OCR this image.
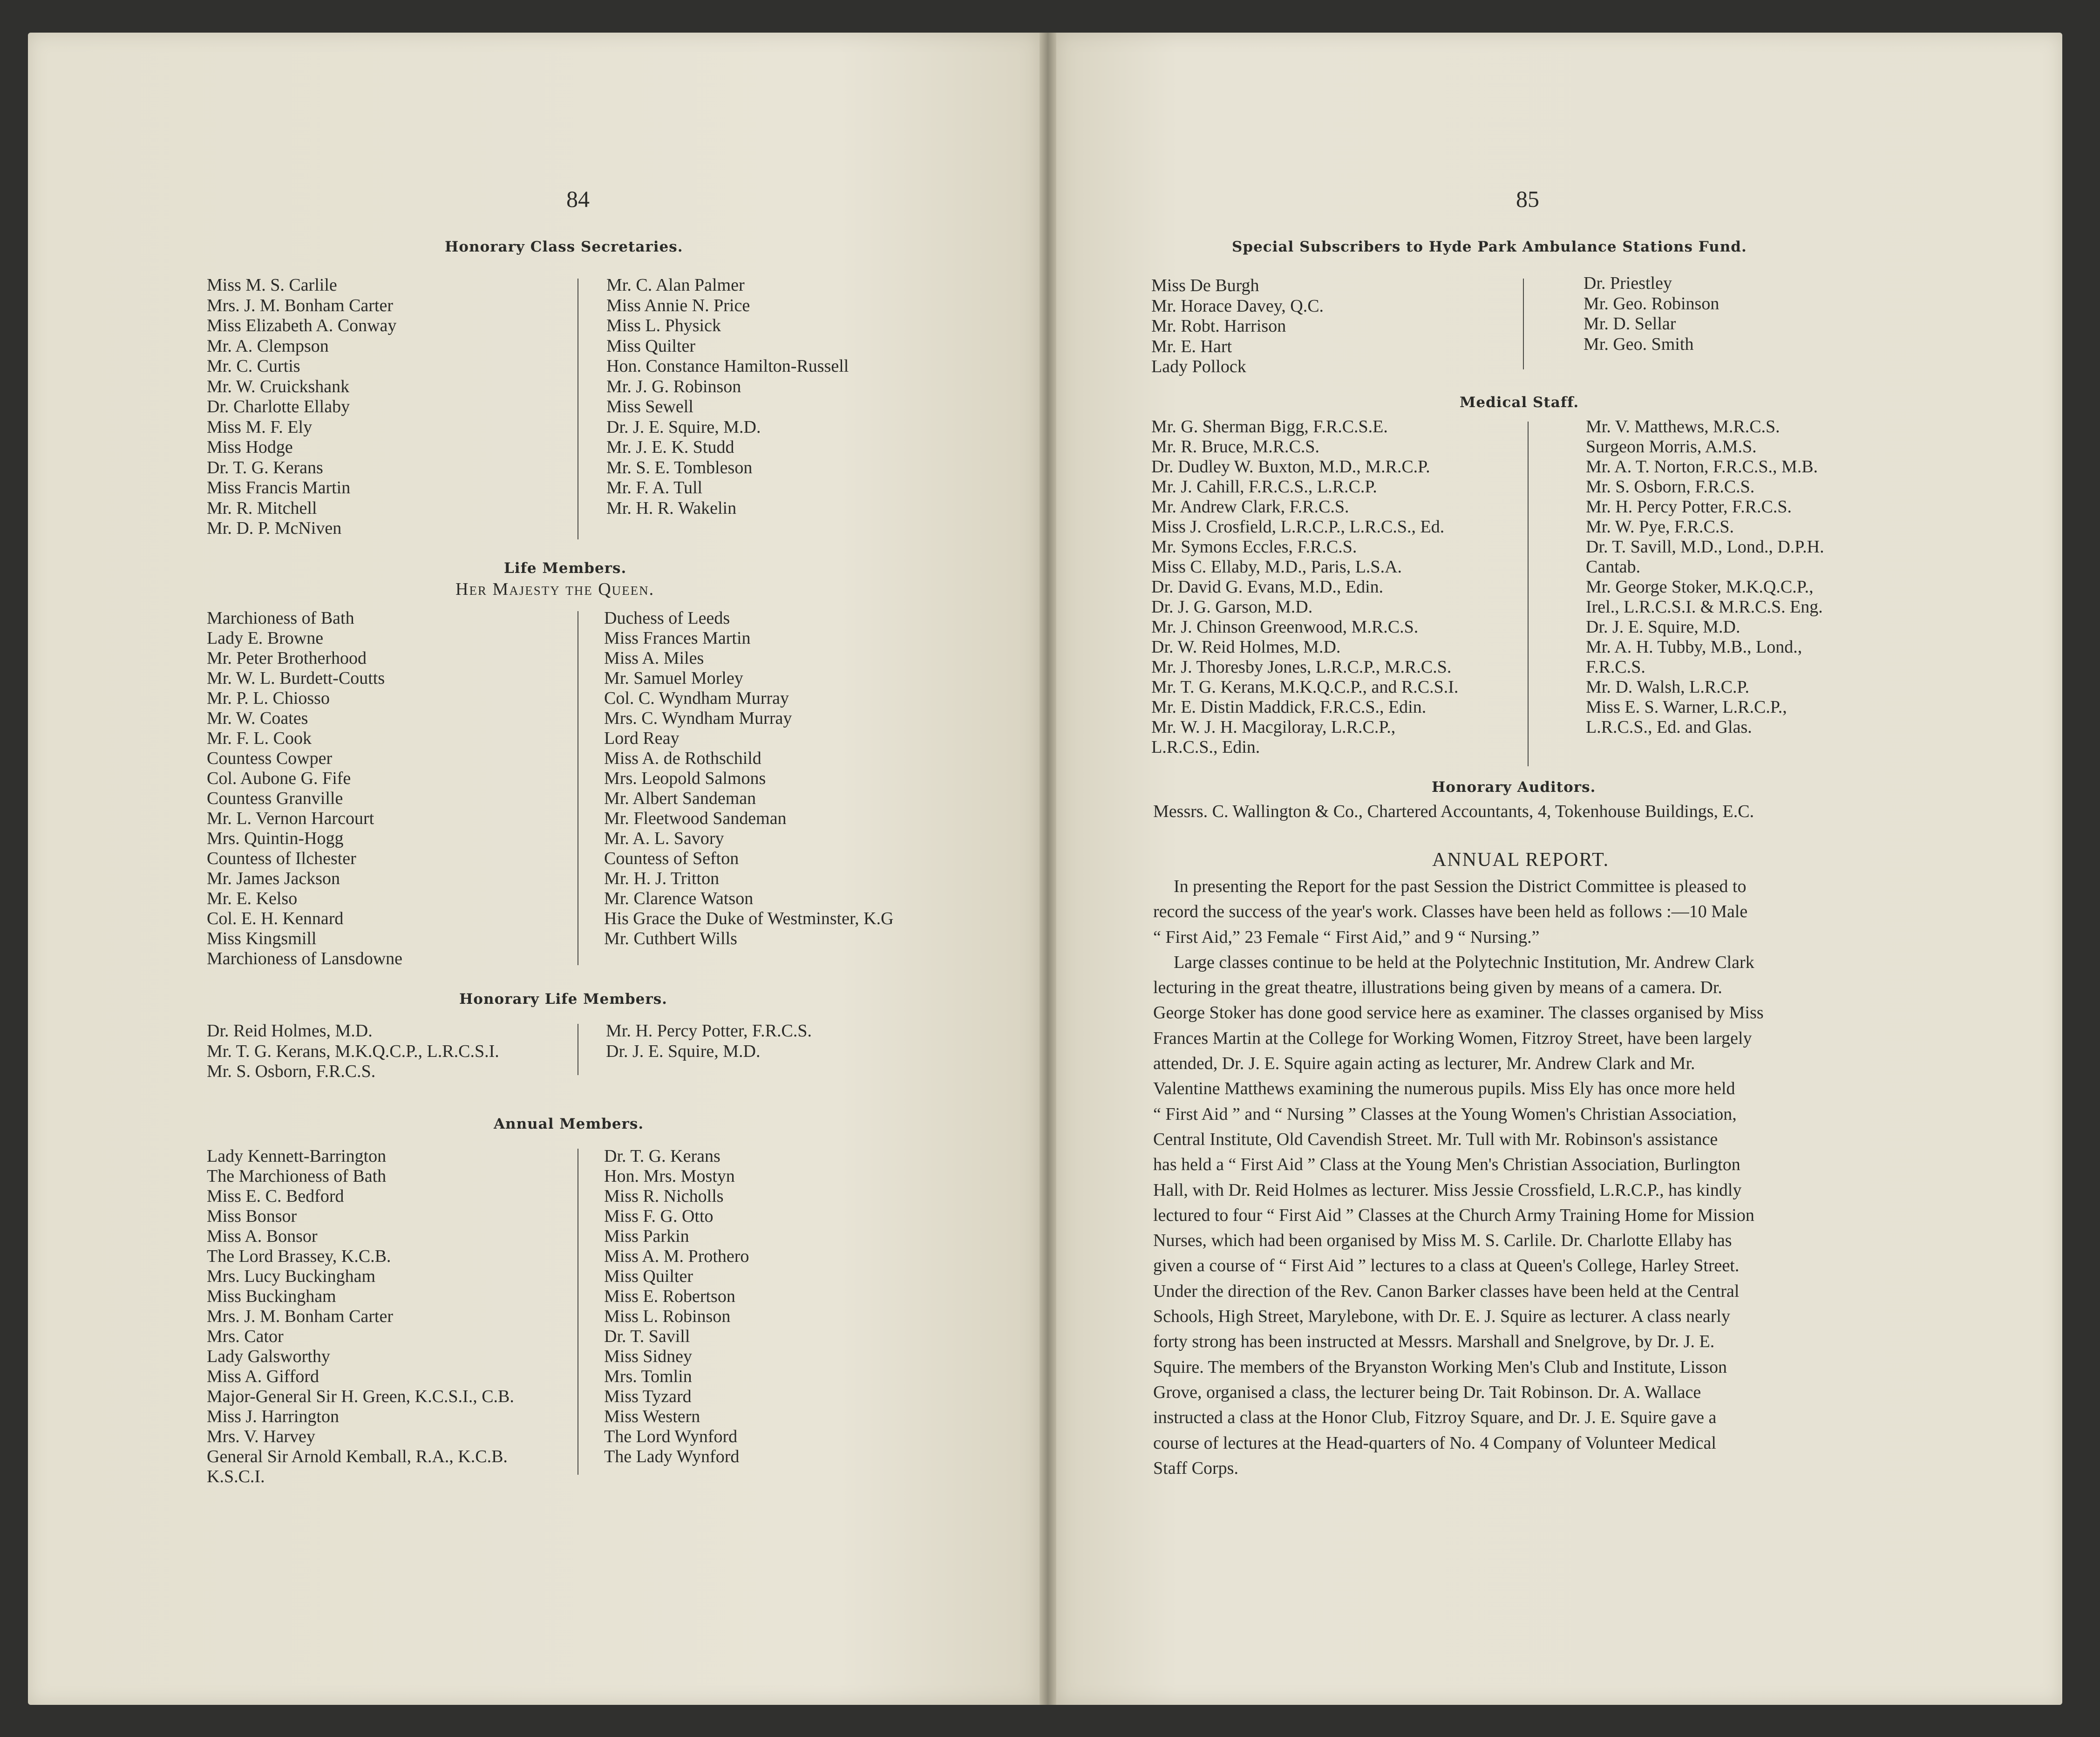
84
Honorary Class Secretaries.
Miss M. S. Carlile
Mrs. J. M. Bonham Carter
Miss Elizabeth A. Conway
Mr. A. Clempson
Mr. C. Curtis
Mr. W. Cruickshank
Dr. Charlotte Ellaby
Miss M. F. Ely
Miss Hodge
Dr. T. G. Kerans
Miss Francis Martin
Mr. R. Mitchell
Mr. D. P. McNiven
Mr. C. Alan Palmer
Miss Annie N. Price
Miss L. Physick
Miss Quilter
Hon. Constance Hamilton-Russell
Mr. J. G. Robinson
Miss Sewell
Dr. J. E. Squire, M.D.
Mr. J. E. K. Studd
Mr. S. E. Tombleson
Mr. F. A. Tull
Mr. H. R. Wakelin
Life Members.
Her Majesty the Queen.
Marchioness of Bath
Lady E. Browne
Mr. Peter Brotherhood
Mr. W. L. Burdett-Coutts
Mr. P. L. Chiosso
Mr. W. Coates
Mr. F. L. Cook
Countess Cowper
Col. Aubone G. Fife
Countess Granville
Mr. L. Vernon Harcourt
Mrs. Quintin-Hogg
Countess of Ilchester
Mr. James Jackson
Mr. E. Kelso
Col. E. H. Kennard
Miss Kingsmill
Marchioness of Lansdowne
Duchess of Leeds
Miss Frances Martin
Miss A. Miles
Mr. Samuel Morley
Col. C. Wyndham Murray
Mrs. C. Wyndham Murray
Lord Reay
Miss A. de Rothschild
Mrs. Leopold Salmons
Mr. Albert Sandeman
Mr. Fleetwood Sandeman
Mr. A. L. Savory
Countess of Sefton
Mr. H. J. Tritton
Mr. Clarence Watson
His Grace the Duke of Westminster, K.G
Mr. Cuthbert Wills
Honorary Life Members.
Dr. Reid Holmes, M.D.
Mr. T. G. Kerans, M.K.Q.C.P., L.R.C.S.I.
Mr. S. Osborn, F.R.C.S.
Mr. H. Percy Potter, F.R.C.S.
Dr. J. E. Squire, M.D.
Annual Members.
Lady Kennett-Barrington
The Marchioness of Bath
Miss E. C. Bedford
Miss Bonsor
Miss A. Bonsor
The Lord Brassey, K.C.B.
Mrs. Lucy Buckingham
Miss Buckingham
Mrs. J. M. Bonham Carter
Mrs. Cator
Lady Galsworthy
Miss A. Gifford
Major-General Sir H. Green, K.C.S.I., C.B.
Miss J. Harrington
Mrs. V. Harvey
General Sir Arnold Kemball, R.A., K.C.B.
K.S.C.I.
Dr. T. G. Kerans
Hon. Mrs. Mostyn
Miss R. Nicholls
Miss F. G. Otto
Miss Parkin
Miss A. M. Prothero
Miss Quilter
Miss E. Robertson
Miss L. Robinson
Dr. T. Savill
Miss Sidney
Mrs. Tomlin
Miss Tyzard
Miss Western
The Lord Wynford
The Lady Wynford
85
Special Subscribers to Hyde Park Ambulance Stations Fund.
Miss De Burgh
Mr. Horace Davey, Q.C.
Mr. Robt. Harrison
Mr. E. Hart
Lady Pollock
Dr. Priestley
Mr. Geo. Robinson
Mr. D. Sellar
Mr. Geo. Smith
Medical Staff.
Mr. G. Sherman Bigg, F.R.C.S.E.
Mr. R. Bruce, M.R.C.S.
Dr. Dudley W. Buxton, M.D., M.R.C.P.
Mr. J. Cahill, F.R.C.S., L.R.C.P.
Mr. Andrew Clark, F.R.C.S.
Miss J. Crosfield, L.R.C.P., L.R.C.S., Ed.
Mr. Symons Eccles, F.R.C.S.
Miss C. Ellaby, M.D., Paris, L.S.A.
Dr. David G. Evans, M.D., Edin.
Dr. J. G. Garson, M.D.
Mr. J. Chinson Greenwood, M.R.C.S.
Dr. W. Reid Holmes, M.D.
Mr. J. Thoresby Jones, L.R.C.P., M.R.C.S.
Mr. T. G. Kerans, M.K.Q.C.P., and R.C.S.I.
Mr. E. Distin Maddick, F.R.C.S., Edin.
Mr. W. J. H. Macgiloray, L.R.C.P.,
L.R.C.S., Edin.
Mr. V. Matthews, M.R.C.S.
Surgeon Morris, A.M.S.
Mr. A. T. Norton, F.R.C.S., M.B.
Mr. S. Osborn, F.R.C.S.
Mr. H. Percy Potter, F.R.C.S.
Mr. W. Pye, F.R.C.S.
Dr. T. Savill, M.D., Lond., D.P.H.
Cantab.
Mr. George Stoker, M.K.Q.C.P.,
Irel., L.R.C.S.I. & M.R.C.S. Eng.
Dr. J. E. Squire, M.D.
Mr. A. H. Tubby, M.B., Lond.,
F.R.C.S.
Mr. D. Walsh, L.R.C.P.
Miss E. S. Warner, L.R.C.P.,
L.R.C.S., Ed. and Glas.
Honorary Auditors.
Messrs. C. Wallington & Co., Chartered Accountants, 4, Tokenhouse Buildings, E.C.
ANNUAL REPORT.
In presenting the Report for the past Session the District Committee is pleased to
record the success of the year's work. Classes have been held as follows :—10 Male
“ First Aid,” 23 Female “ First Aid,” and 9 “ Nursing.”
Large classes continue to be held at the Polytechnic Institution, Mr. Andrew Clark
lecturing in the great theatre, illustrations being given by means of a camera. Dr.
George Stoker has done good service here as examiner. The classes organised by Miss
Frances Martin at the College for Working Women, Fitzroy Street, have been largely
attended, Dr. J. E. Squire again acting as lecturer, Mr. Andrew Clark and Mr.
Valentine Matthews examining the numerous pupils. Miss Ely has once more held
“ First Aid ” and “ Nursing ” Classes at the Young Women's Christian Association,
Central Institute, Old Cavendish Street. Mr. Tull with Mr. Robinson's assistance
has held a “ First Aid ” Class at the Young Men's Christian Association, Burlington
Hall, with Dr. Reid Holmes as lecturer. Miss Jessie Crossfield, L.R.C.P., has kindly
lectured to four “ First Aid ” Classes at the Church Army Training Home for Mission
Nurses, which had been organised by Miss M. S. Carlile. Dr. Charlotte Ellaby has
given a course of “ First Aid ” lectures to a class at Queen's College, Harley Street.
Under the direction of the Rev. Canon Barker classes have been held at the Central
Schools, High Street, Marylebone, with Dr. E. J. Squire as lecturer. A class nearly
forty strong has been instructed at Messrs. Marshall and Snelgrove, by Dr. J. E.
Squire. The members of the Bryanston Working Men's Club and Institute, Lisson
Grove, organised a class, the lecturer being Dr. Tait Robinson. Dr. A. Wallace
instructed a class at the Honor Club, Fitzroy Square, and Dr. J. E. Squire gave a
course of lectures at the Head-quarters of No. 4 Company of Volunteer Medical
Staff Corps.
